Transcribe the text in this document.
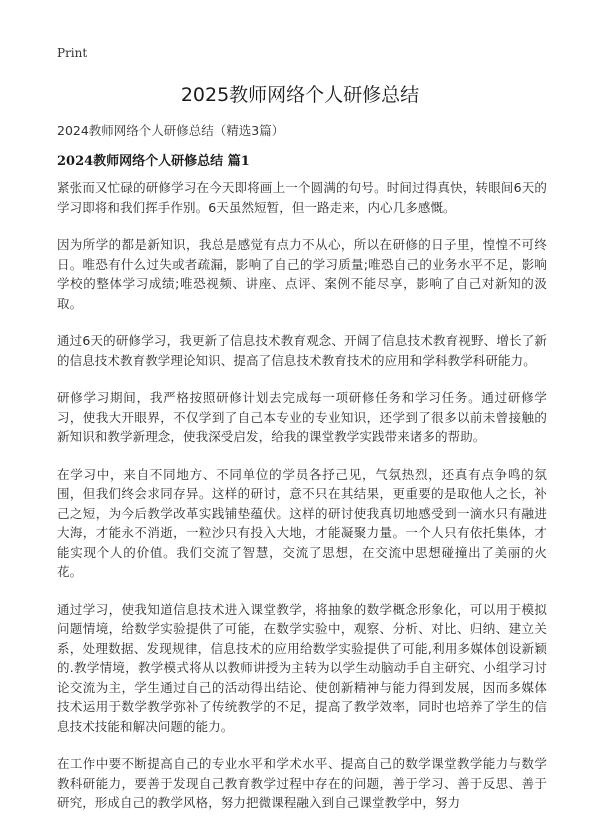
Print
2025教师网络个人研修总结

2024教师网络个人研修总结（精选3篇）

2024教师网络个人研修总结 篇1

紧张而又忙碌的研修学习在今天即将画上一个圆满的句号。时间过得真快，转眼间6天的学习即将和我们挥手作别。6天虽然短暂，但一路走来，内心几多感慨。

因为所学的都是新知识，我总是感觉有点力不从心，所以在研修的日子里，惶惶不可终日。唯恐有什么过失或者疏漏，影响了自己的学习质量;唯恐自己的业务水平不足，影响学校的整体学习成绩;唯恐视频、讲座、点评、案例不能尽享，影响了自己对新知的汲取。

通过6天的研修学习，我更新了信息技术教育观念、开阔了信息技术教育视野、增长了新的信息技术教育教学理论知识、提高了信息技术教育技术的应用和学科教学科研能力。

研修学习期间，我严格按照研修计划去完成每一项研修任务和学习任务。通过研修学习，使我大开眼界，不仅学到了自己本专业的专业知识，还学到了很多以前未曾接触的新知识和教学新理念，使我深受启发，给我的课堂教学实践带来诸多的帮助。

在学习中，来自不同地方、不同单位的学员各抒己见，气氛热烈，还真有点争鸣的氛围，但我们终会求同存异。这样的研讨，意不只在其结果，更重要的是取他人之长，补己之短，为今后教学改革实践铺垫蕴伏。这样的研讨使我真切地感受到一滴水只有融进大海，才能永不消逝，一粒沙只有投入大地，才能凝聚力量。一个人只有依托集体，才能实现个人的价值。我们交流了智慧，交流了思想，在交流中思想碰撞出了美丽的火花。

通过学习，使我知道信息技术进入课堂教学，将抽象的数学概念形象化，可以用于模拟问题情境，给数学实验提供了可能，在数学实验中，观察、分析、对比、归纳、建立关系，处理数据、发现规律，信息技术的应用给数学实验提供了可能,利用多媒体创设新颖的.教学情境，教学模式将从以教师讲授为主转为以学生动脑动手自主研究、小组学习讨论交流为主，学生通过自己的活动得出结论、使创新精神与能力得到发展，因而多媒体技术运用于数学教学弥补了传统教学的不足，提高了教学效率，同时也培养了学生的信息技术技能和解决问题的能力。

在工作中要不断提高自己的专业水平和学术水平、提高自己的数学课堂教学能力与数学教科研能力，要善于发现自己教育教学过程中存在的问题，善于学习、善于反思、善于研究，形成自己的教学风格，努力把微课程融入到自己课堂教学中，努力
